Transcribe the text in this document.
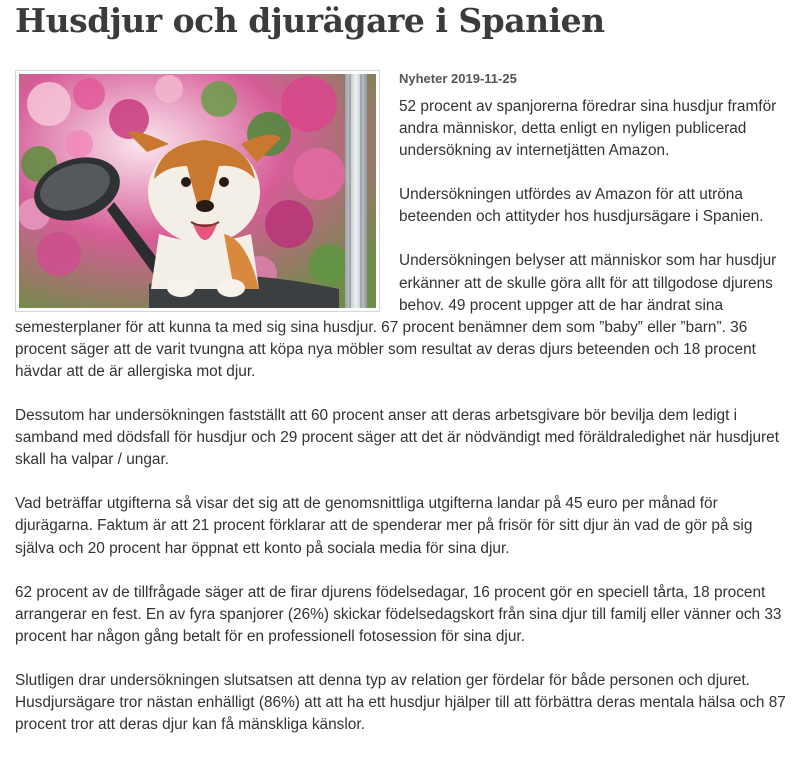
Husdjur och djurägare i Spanien
Nyheter 2019-11-25

52 procent av spanjorerna föredrar sina husdjur framför andra människor, detta enligt en nyligen publicerad undersökning av internetjätten Amazon.

Undersökningen utfördes av Amazon för att utröna beteenden och attityder hos husdjursägare i Spanien.

Undersökningen belyser att människor som har husdjur erkänner att de skulle göra allt för att tillgodose djurens behov. 49 procent uppger att de har ändrat sina semesterplaner för att kunna ta med sig sina husdjur. 67 procent benämner dem som ”baby” eller ”barn”. 36 procent säger att de varit tvungna att köpa nya möbler som resultat av deras djurs beteenden och 18 procent hävdar att de är allergiska mot djur.

Dessutom har undersökningen fastställt att 60 procent anser att deras arbetsgivare bör bevilja dem ledigt i samband med dödsfall för husdjur och 29 procent säger att det är nödvändigt med föräldraledighet när husdjuret skall ha valpar / ungar.

Vad beträffar utgifterna så visar det sig att de genomsnittliga utgifterna landar på 45 euro per månad för djurägarna. Faktum är att 21 procent förklarar att de spenderar mer på frisör för sitt djur än vad de gör på sig själva och 20 procent har öppnat ett konto på sociala media för sina djur.

62 procent av de tillfrågade säger att de firar djurens födelsedagar, 16 procent gör en speciell tårta, 18 procent arrangerar en fest. En av fyra spanjorer (26%) skickar födelsedagskort från sina djur till familj eller vänner och 33 procent har någon gång betalt för en professionell fotosession för sina djur.

Slutligen drar undersökningen slutsatsen att denna typ av relation ger fördelar för både personen och djuret. Husdjursägare tror nästan enhälligt (86%) att att ha ett husdjur hjälper till att förbättra deras mentala hälsa och 87 procent tror att deras djur kan få mänskliga känslor.
